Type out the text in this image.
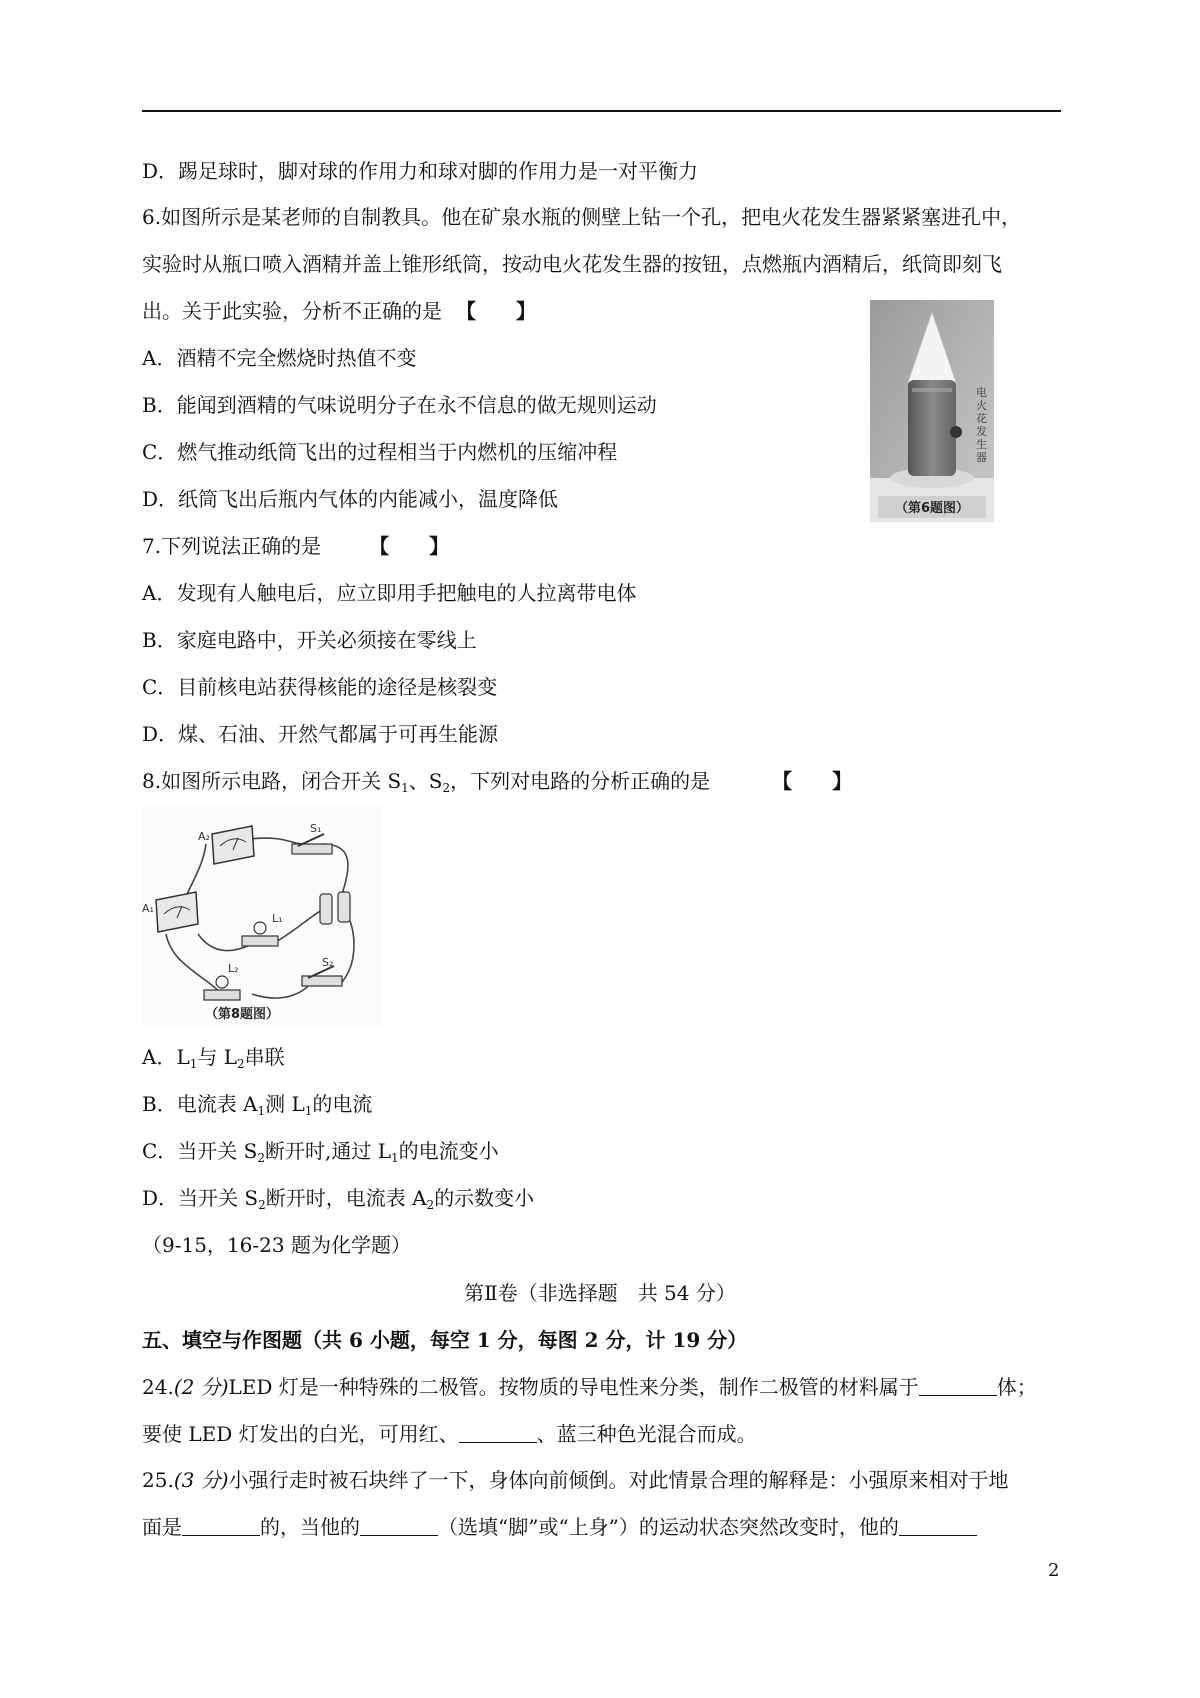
D．踢足球时，脚对球的作用力和球对脚的作用力是一对平衡力
6.如图所示是某老师的自制教具。他在矿泉水瓶的侧壁上钻一个孔，把电火花发生器紧紧塞进孔中，
实验时从瓶口喷入酒精并盖上锥形纸筒，按动电火花发生器的按钮，点燃瓶内酒精后，纸筒即刻飞
出。关于此实验，分析不正确的是 【　　】
A．酒精不完全燃烧时热值不变
B．能闻到酒精的气味说明分子在永不信息的做无规则运动
C．燃气推动纸筒飞出的过程相当于内燃机的压缩冲程
D．纸筒飞出后瓶内气体的内能减小，温度降低
电 火 花 发 生 器
（第6题图）
7.下列说法正确的是 【　　】
A．发现有人触电后，应立即用手把触电的人拉离带电体
B．家庭电路中，开关必须接在零线上
C．目前核电站获得核能的途径是核裂变
D．煤、石油、开然气都属于可再生能源
8.如图所示电路，闭合开关 $S_1$、$S_2$，下列对电路的分析正确的是	【　　】
A₂
A₁
S₁
S₂
L₁
L₂
（第8题图）
A．$L_1$与 $L_2$串联
B．电流表 $A_1$测 $L_1$的电流
C．当开关 $S_2$断开时,通过 $L_1$的电流变小
D．当开关 $S_2$断开时，电流表 $A_2$的示数变小
（9-15，16-23 题为化学题）
第Ⅱ卷（非选择题　共 54 分）
五、填空与作图题（共 6 小题，每空 1 分，每图 2 分，计 19 分）
24.(2 分)LED 灯是一种特殊的二极管。按物质的导电性来分类，制作二极管的材料属于	体；
要使 LED 灯发出的白光，可用红、	、蓝三种色光混合而成。
25.(3 分)小强行走时被石块绊了一下，身体向前倾倒。对此情景合理的解释是：小强原来相对于地
面是	的，当他的	（选填“脚”或“上身”）的运动状态突然改变时，他的
2
